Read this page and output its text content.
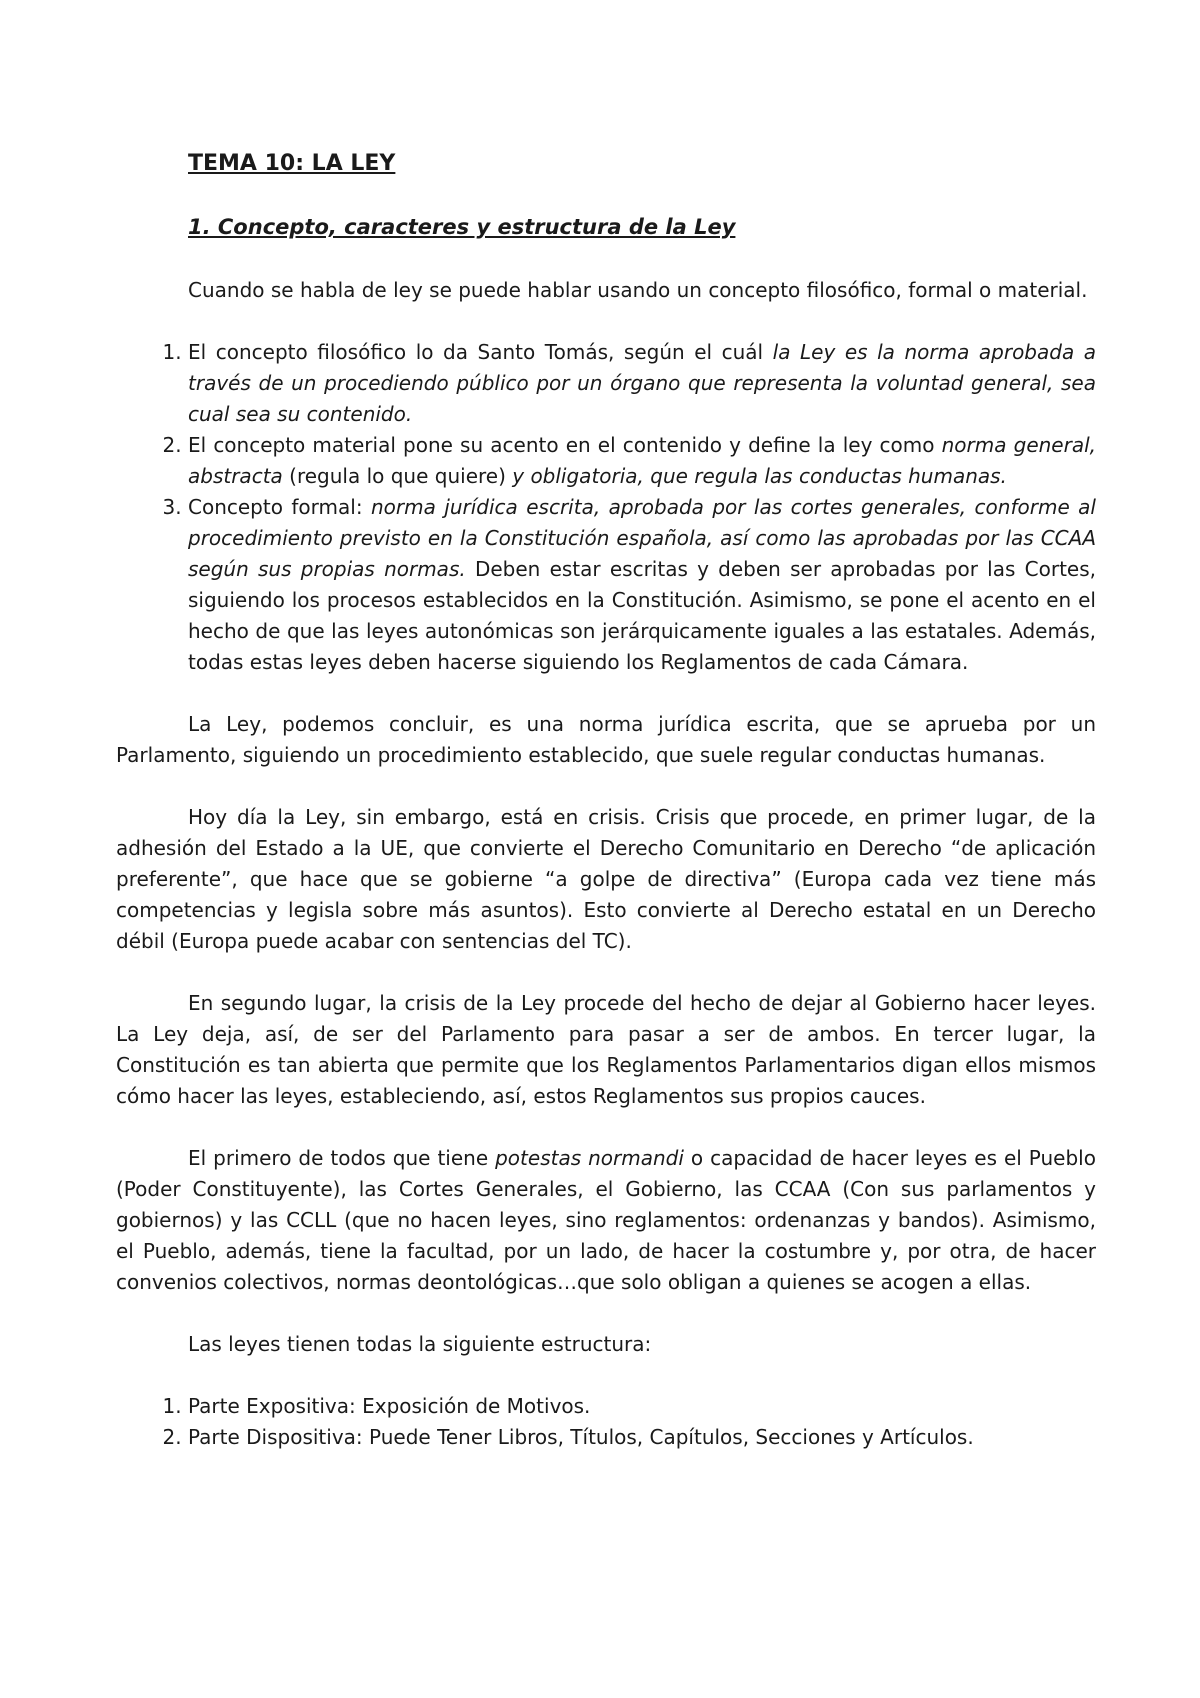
TEMA 10: LA LEY
1. Concepto, caracteres y estructura de la Ley

Cuando se habla de ley se puede hablar usando un concepto filosófico, formal o material.

1. El concepto filosófico lo da Santo Tomás, según el cuál la Ley es la norma aprobada a través de un procediendo público por un órgano que representa la voluntad general, sea cual sea su contenido.
2. El concepto material pone su acento en el contenido y define la ley como norma general, abstracta (regula lo que quiere) y obligatoria, que regula las conductas humanas.
3. Concepto formal: norma jurídica escrita, aprobada por las cortes generales, conforme al procedimiento previsto en la Constitución española, así como las aprobadas por las CCAA según sus propias normas. Deben estar escritas y deben ser aprobadas por las Cortes, siguiendo los procesos establecidos en la Constitución. Asimismo, se pone el acento en el hecho de que las leyes autonómicas son jerárquicamente iguales a las estatales. Además, todas estas leyes deben hacerse siguiendo los Reglamentos de cada Cámara.

La Ley, podemos concluir, es una norma jurídica escrita, que se aprueba por un Parlamento, siguiendo un procedimiento establecido, que suele regular conductas humanas.

Hoy día la Ley, sin embargo, está en crisis. Crisis que procede, en primer lugar, de la adhesión del Estado a la UE, que convierte el Derecho Comunitario en Derecho “de aplicación preferente”, que hace que se gobierne “a golpe de directiva” (Europa cada vez tiene más competencias y legisla sobre más asuntos). Esto convierte al Derecho estatal en un Derecho débil (Europa puede acabar con sentencias del TC).

En segundo lugar, la crisis de la Ley procede del hecho de dejar al Gobierno hacer leyes. La Ley deja, así, de ser del Parlamento para pasar a ser de ambos. En tercer lugar, la Constitución es tan abierta que permite que los Reglamentos Parlamentarios digan ellos mismos cómo hacer las leyes, estableciendo, así, estos Reglamentos sus propios cauces.

El primero de todos que tiene potestas normandi o capacidad de hacer leyes es el Pueblo (Poder Constituyente), las Cortes Generales, el Gobierno, las CCAA (Con sus parlamentos y gobiernos) y las CCLL (que no hacen leyes, sino reglamentos: ordenanzas y bandos). Asimismo, el Pueblo, además, tiene la facultad, por un lado, de hacer la costumbre y, por otra, de hacer convenios colectivos, normas deontológicas…que solo obligan a quienes se acogen a ellas.

Las leyes tienen todas la siguiente estructura:

1. Parte Expositiva: Exposición de Motivos.
2. Parte Dispositiva: Puede Tener Libros, Títulos, Capítulos, Secciones y Artículos.
